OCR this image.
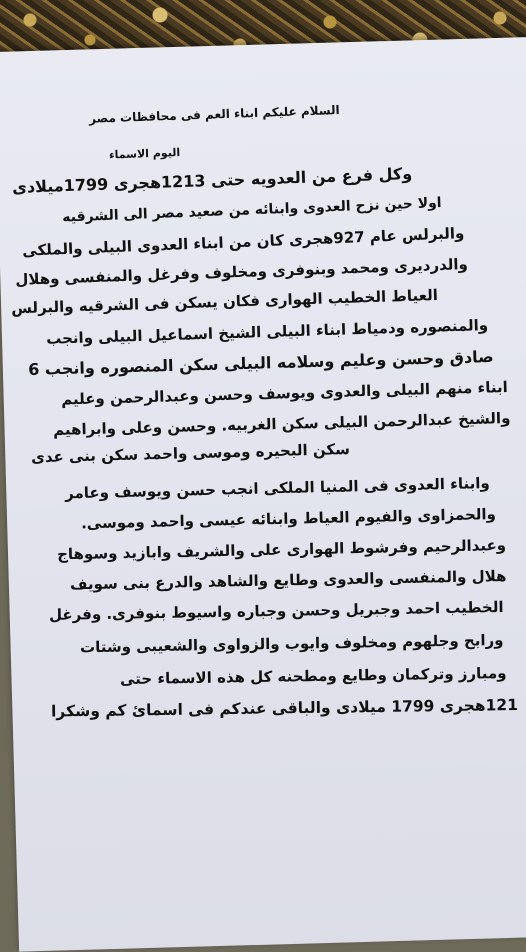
السلام عليكم ابناء العم فى محافظات مصر
اليوم الاسماء
وكل فرع من العدويه حتى 1213هجرى 1799ميلادى
اولا حين نزح العدوى وابنائه من صعيد مصر الى الشرقيه
والبرلس عام 927هجرى كان من ابناء العدوى البيلى والملكى
والدرديرى ومحمد وبنوفرى ومخلوف وفرغل والمنفسى وهلال
العياط الخطيب الهوارى فكان يسكن فى الشرقيه والبرلس
والمنصوره ودمياط ابناء البيلى الشيخ اسماعيل البيلى وانجب
صادق وحسن وعليم وسلامه البيلى سكن المنصوره وانجب 6
ابناء منهم البيلى والعدوى ويوسف وحسن وعبدالرحمن وعليم
والشيخ عبدالرحمن البيلى سكن الغربيه. وحسن وعلى وابراهيم
سكن البحيره وموسى واحمد سكن بنى عدى
وابناء العدوى فى المنيا الملكى انجب حسن ويوسف وعامر
والحمزاوى والفيوم العياط وابنائه عيسى واحمد وموسى.
وعبدالرحيم وفرشوط الهوارى على والشريف وابازيد وسوهاج
هلال والمنفسى والعدوى وطايع والشاهد والدرع بنى سويف
الخطيب احمد وجبريل وحسن وجباره واسيوط بنوفرى. وفرغل
ورابح وجلهوم ومخلوف وايوب والزواوى والشعيبى وشتات
ومبارز وتركمان وطايع ومطحنه كل هذه الاسماء حتى
121هجرى 1799 ميلادى والباقى عندكم فى اسمائ كم وشكرا
